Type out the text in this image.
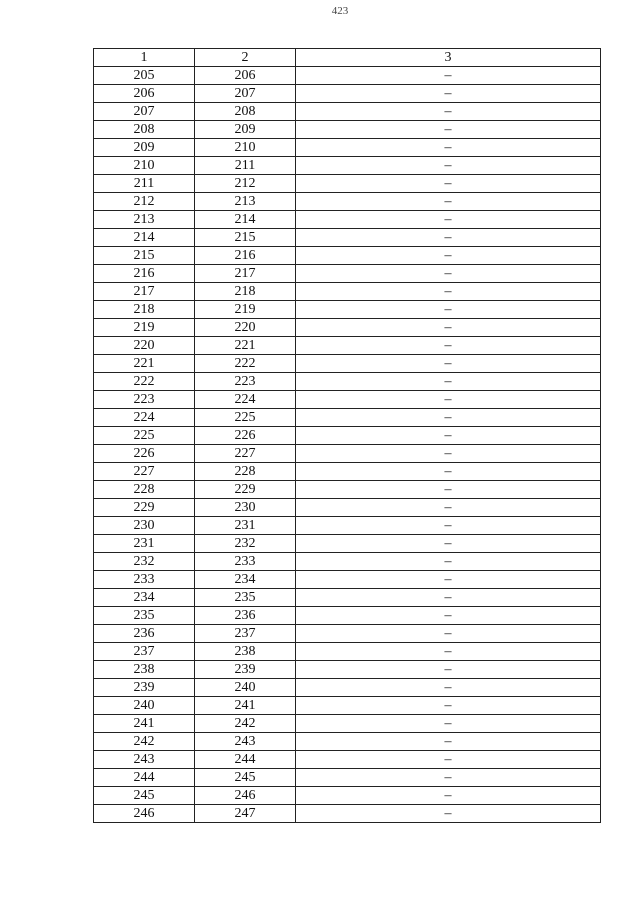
423
1	2	3
205	206	–
206	207	–
207	208	–
208	209	–
209	210	–
210	211	–
211	212	–
212	213	–
213	214	–
214	215	–
215	216	–
216	217	–
217	218	–
218	219	–
219	220	–
220	221	–
221	222	–
222	223	–
223	224	–
224	225	–
225	226	–
226	227	–
227	228	–
228	229	–
229	230	–
230	231	–
231	232	–
232	233	–
233	234	–
234	235	–
235	236	–
236	237	–
237	238	–
238	239	–
239	240	–
240	241	–
241	242	–
242	243	–
243	244	–
244	245	–
245	246	–
246	247	–
